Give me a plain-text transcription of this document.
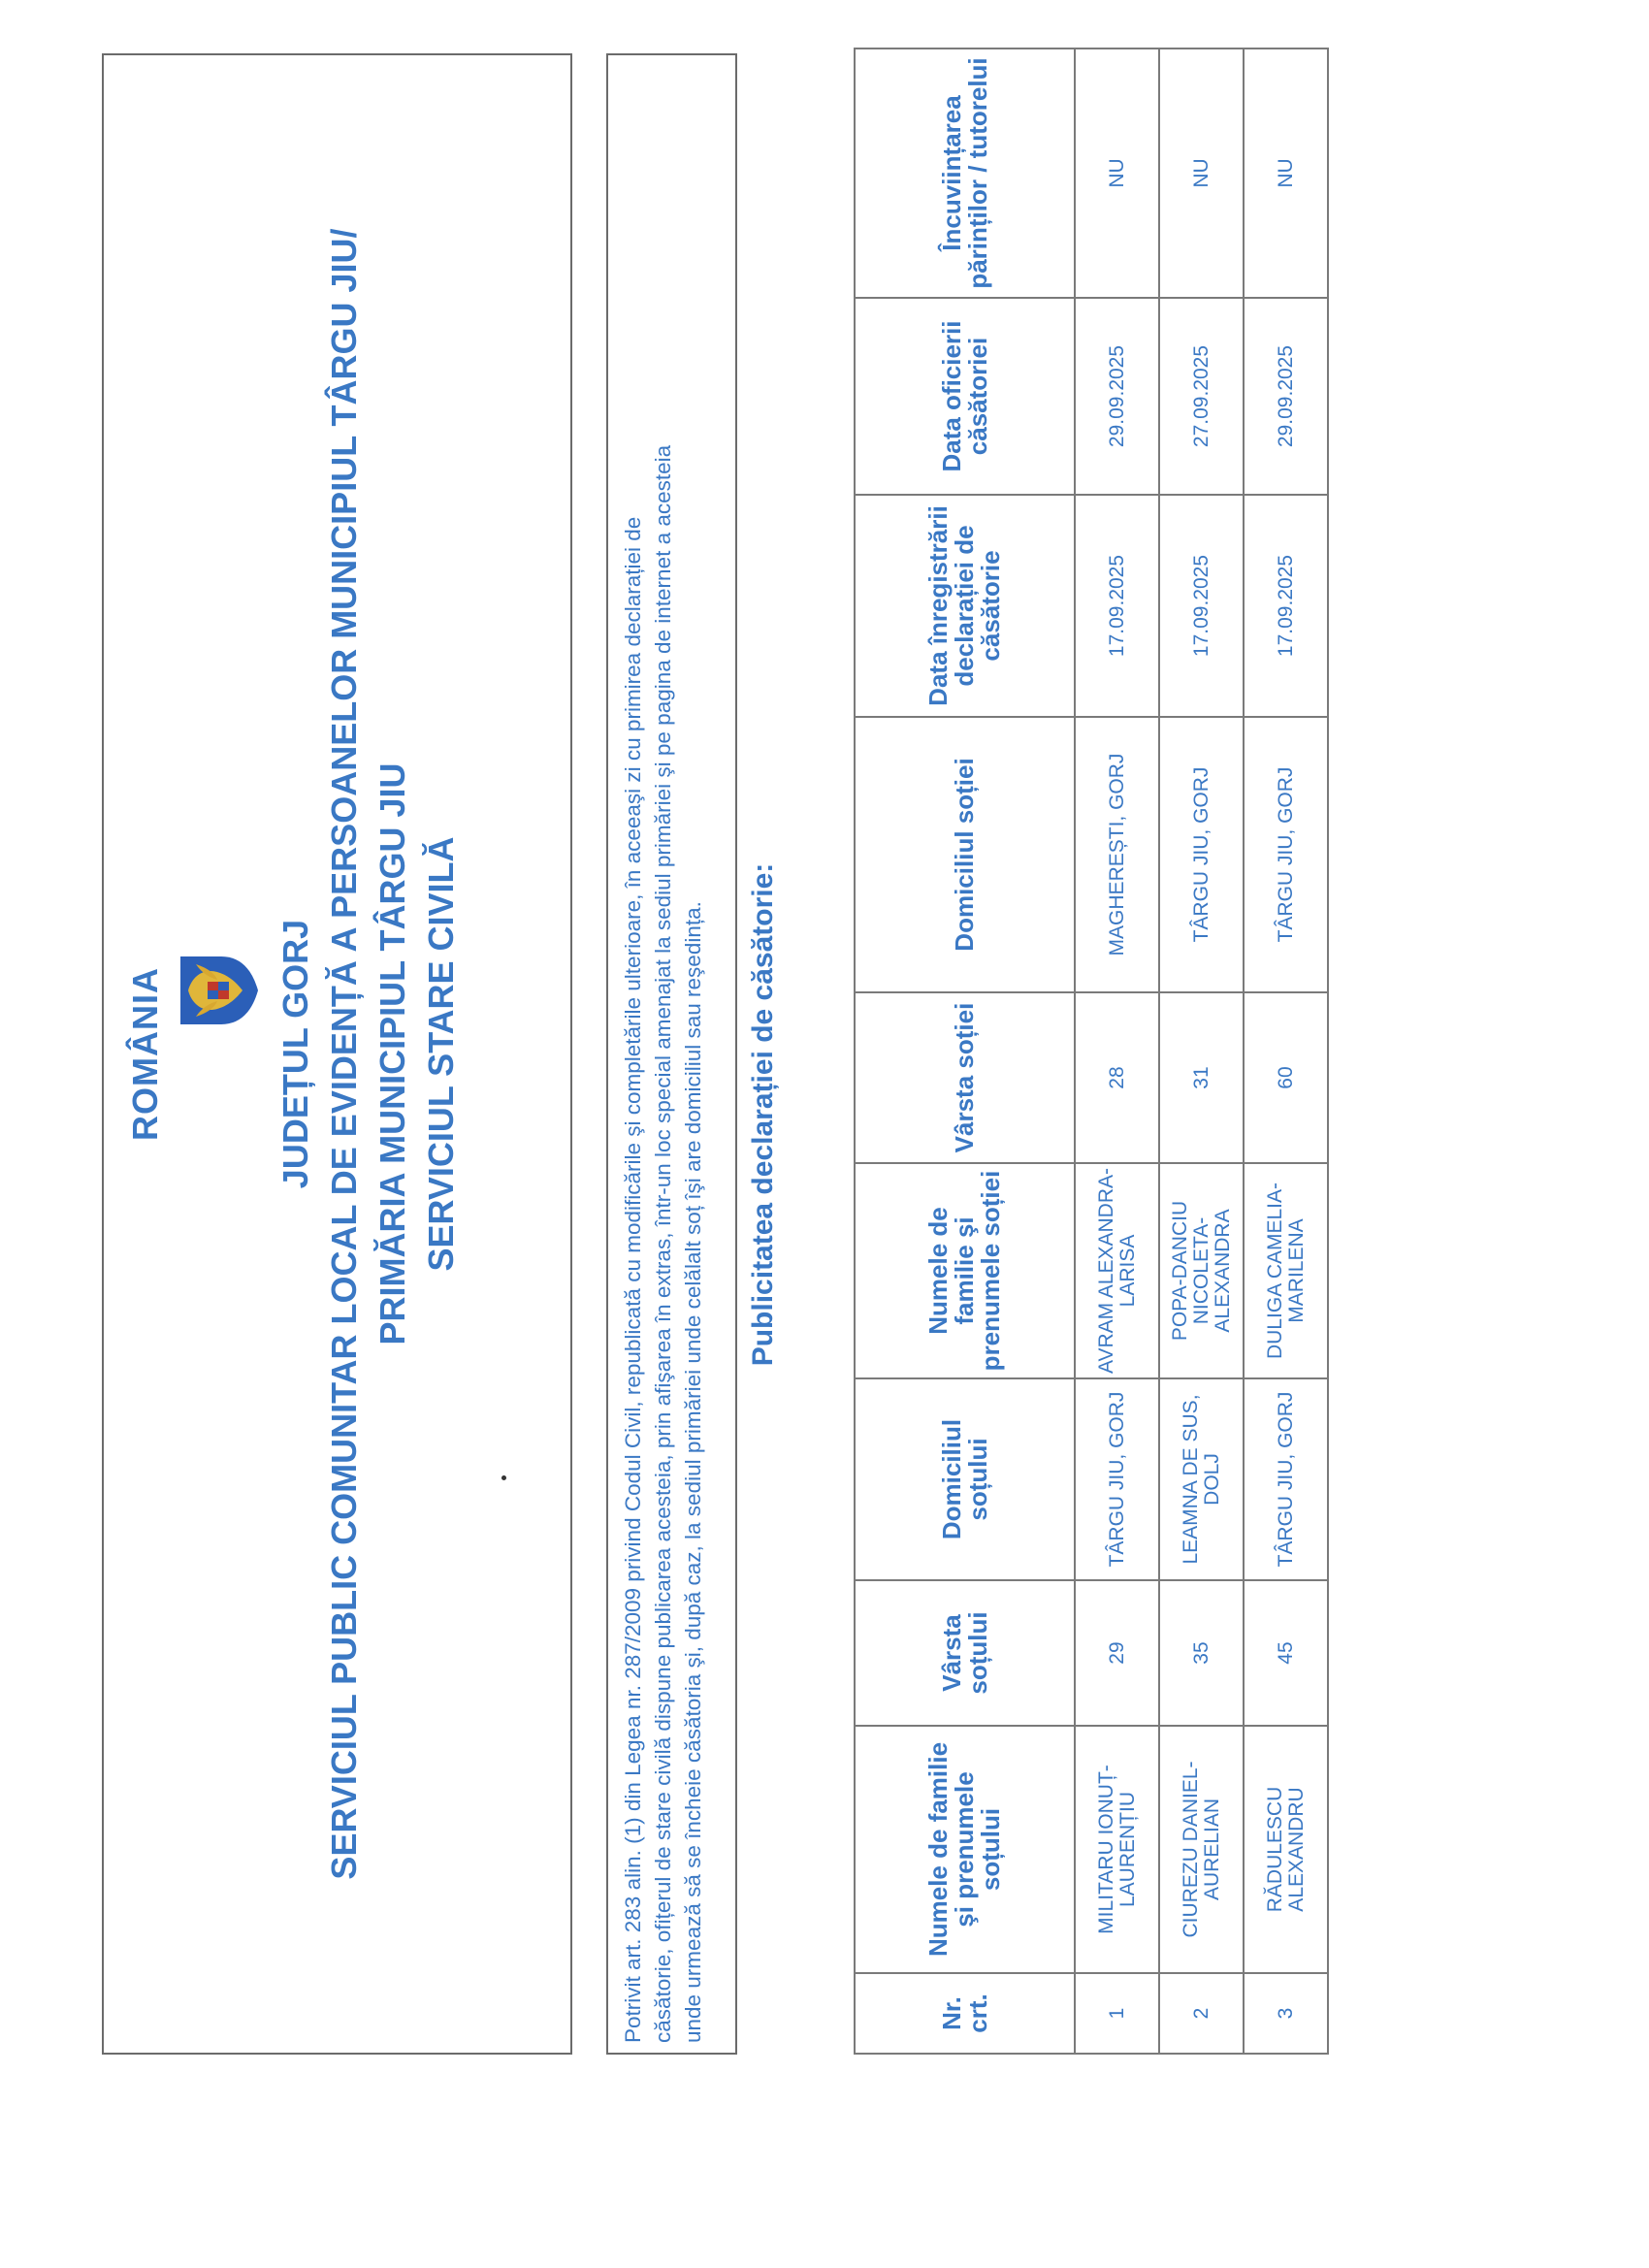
ROMÂNIA	JUDEȚUL GORJ SERVICIUL PUBLIC COMUNITAR LOCAL DE EVIDENȚĂ A PERSOANELOR MUNICIPIUL TÂRGU JIU/ PRIMĂRIA MUNICIPIUL TÂRGU JIU SERVICIUL STARE CIVILĂ	Potrivit art. 283 alin. (1) din Legea nr. 287/2009 privind Codul Civil, republicată cu modificările şi completările ulterioare, în aceeaşi zi cu primirea declarației de căsătorie, ofițerul de stare civilă dispune publicarea acesteia, prin afişarea în extras, într-un loc special amenajat la sediul primăriei şi pe pagina de internet a acesteia unde urmează să se încheie căsătoria şi, după caz, la sediul primăriei unde celălalt soț îşi are domiciliul sau reşedința. Publicitatea declarației de căsătorie:
Nr. crt.	Numele de familie şi prenumele soțului	Vârsta soțului	Domiciliul soțului	Numele de familie şi prenumele soției	Vârsta soției	Domiciliul soției	Data înregistrării declarației de căsătorie	Data oficierii căsătoriei	Încuviințarea părinților / tutorelui
1	MILITARU IONUȚ-LAURENȚIU	29	TÂRGU JIU, GORJ	AVRAM ALEXANDRA-LARISA	28	MAGHEREȘTI, GORJ	17.09.2025	29.09.2025	NU
2	CIUREZU DANIEL-AURELIAN	35	LEAMNA DE SUS, DOLJ	POPA-DANCIU NICOLETA-ALEXANDRA	31	TÂRGU JIU, GORJ	17.09.2025	27.09.2025	NU
3	RĂDULESCU ALEXANDRU	45	TÂRGU JIU, GORJ	DULIGA CAMELIA-MARILENA	60	TÂRGU JIU, GORJ	17.09.2025	29.09.2025	NU
